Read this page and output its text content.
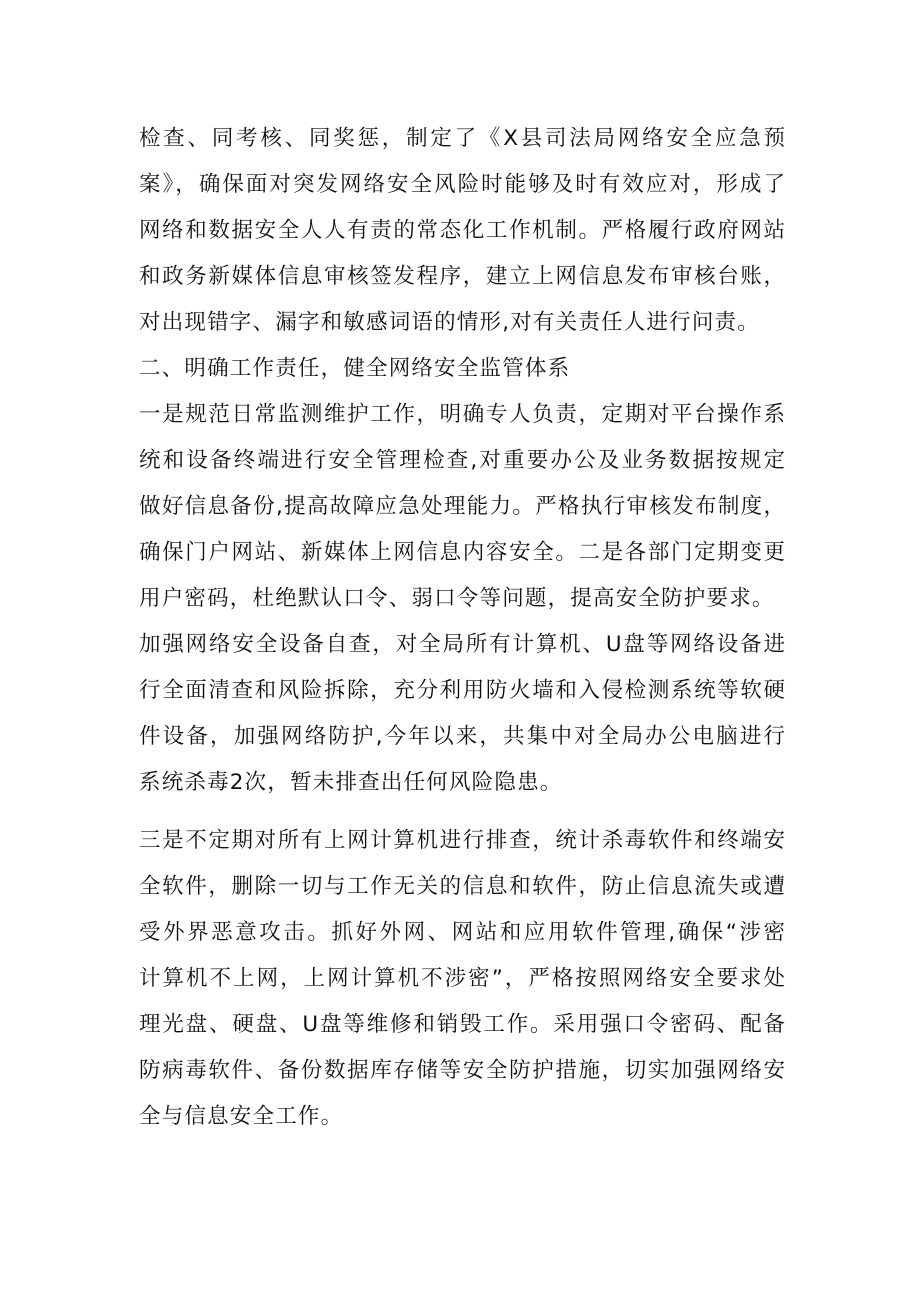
检查、同考核、同奖惩，制定了《X县司法局网络安全应急预
案》，确保面对突发网络安全风险时能够及时有效应对，形成了
网络和数据安全人人有责的常态化工作机制。严格履行政府网站
和政务新媒体信息审核签发程序，建立上网信息发布审核台账，
对出现错字、漏字和敏感词语的情形,对有关责任人进行问责。
二、明确工作责任，健全网络安全监管体系
一是规范日常监测维护工作，明确专人负责，定期对平台操作系
统和设备终端进行安全管理检查,对重要办公及业务数据按规定
做好信息备份,提高故障应急处理能力。严格执行审核发布制度，
确保门户网站、新媒体上网信息内容安全。二是各部门定期变更
用户密码，杜绝默认口令、弱口令等问题，提高安全防护要求。
加强网络安全设备自查，对全局所有计算机、U盘等网络设备进
行全面清查和风险拆除，充分利用防火墙和入侵检测系统等软硬
件设备，加强网络防护,今年以来，共集中对全局办公电脑进行
系统杀毒2次，暂未排查出任何风险隐患。
三是不定期对所有上网计算机进行排查，统计杀毒软件和终端安
全软件，删除一切与工作无关的信息和软件，防止信息流失或遭
受外界恶意攻击。抓好外网、网站和应用软件管理,确保“涉密
计算机不上网，上网计算机不涉密”，严格按照网络安全要求处
理光盘、硬盘、U盘等维修和销毁工作。采用强口令密码、配备
防病毒软件、备份数据库存储等安全防护措施，切实加强网络安
全与信息安全工作。
